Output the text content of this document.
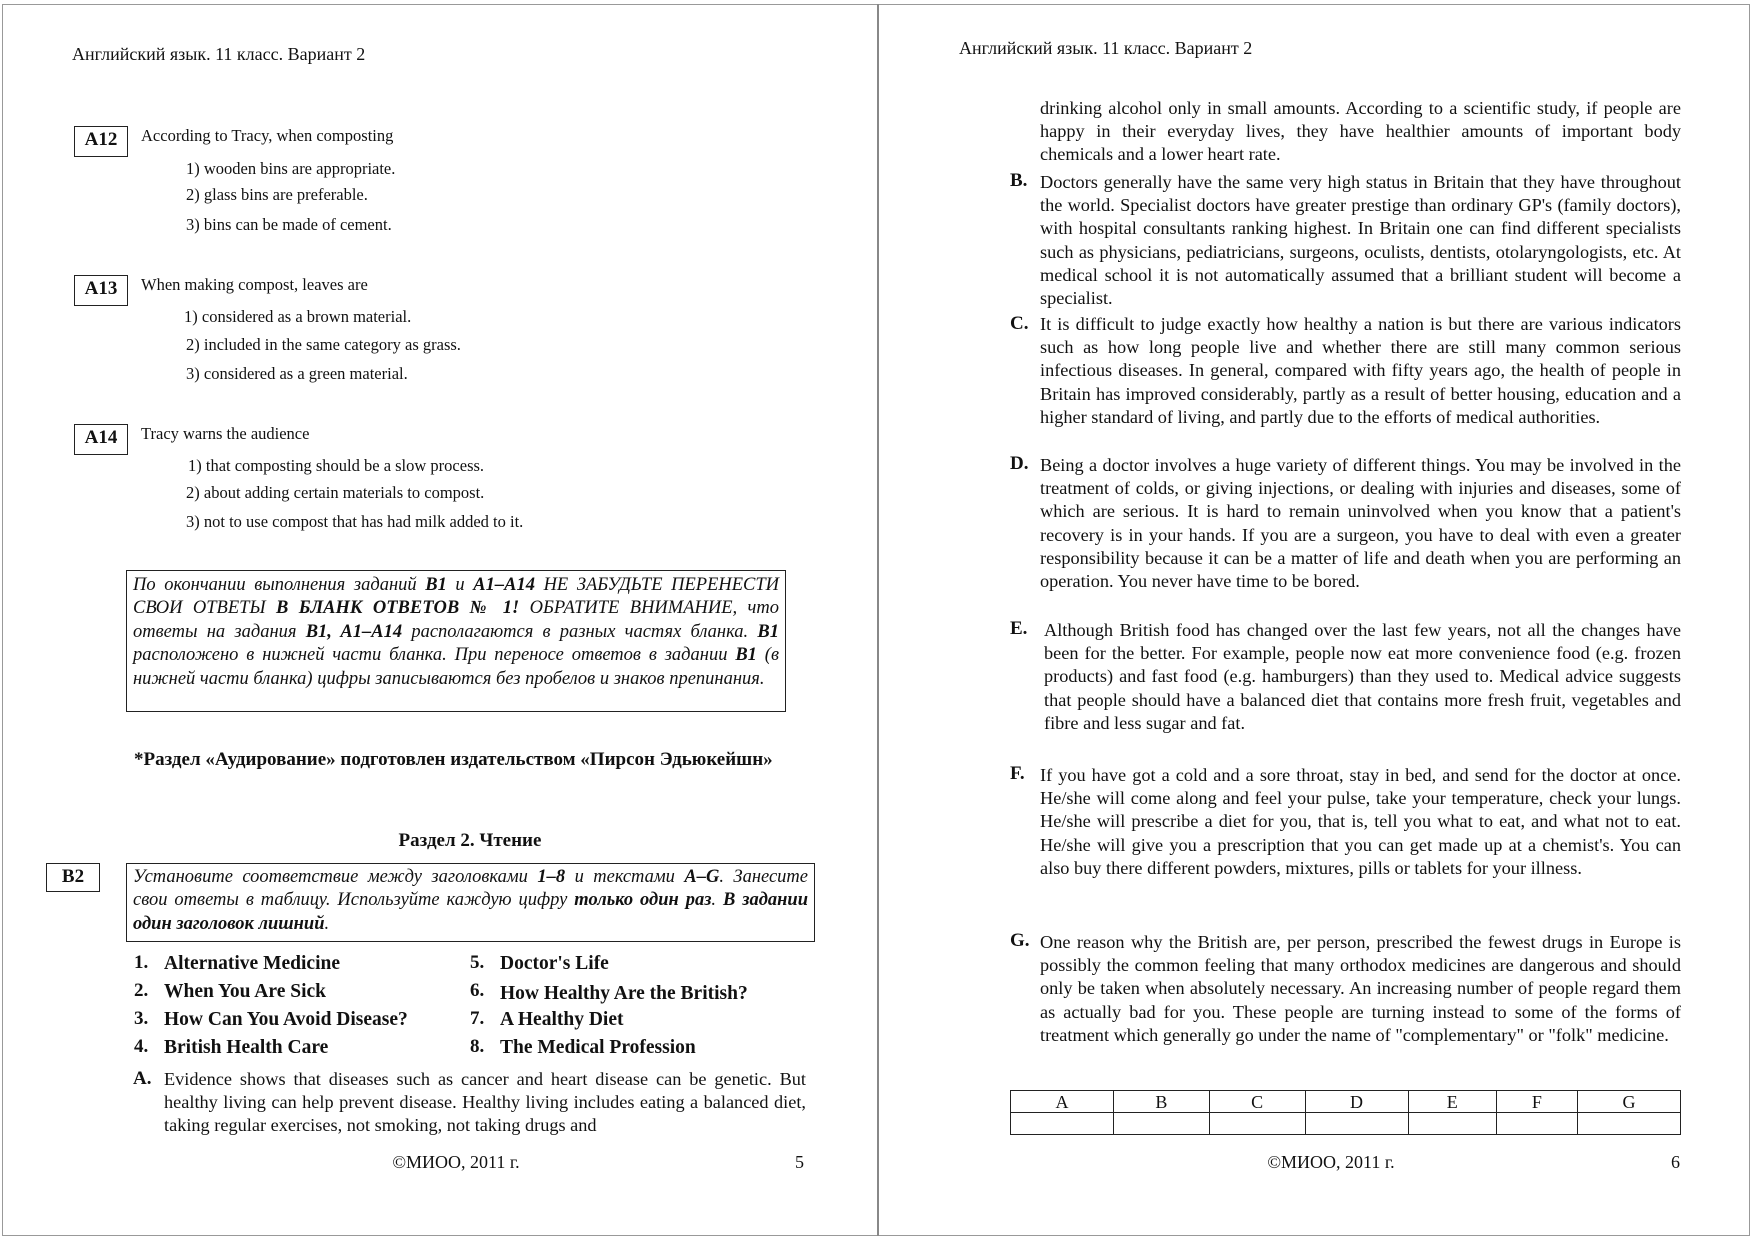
Английский язык. 11 класс. Вариант 2
A12	According to Tracy, when composting
1) wooden bins are appropriate.
2) glass bins are preferable.
3) bins can be made of cement.
A13	When making compost, leaves are
1) considered as a brown material.
2) included in the same category as grass.
3) considered as a green material.
A14	Tracy warns the audience
1) that composting should be a slow process.
2) about adding certain materials to compost.
3) not to use compost that has had milk added to it.
По окончании выполнения заданий B1 и A1–A14 НЕ ЗАБУДЬТЕ ПЕРЕНЕСТИ СВОИ ОТВЕТЫ В БЛАНК ОТВЕТОВ № 1! ОБРАТИТЕ ВНИМАНИЕ, что ответы на задания B1, A1–A14 располагаются в разных частях бланка. B1 расположено в нижней части бланка. При переносе ответов в задании B1 (в нижней части бланка) цифры записываются без пробелов и знаков препинания.
*Раздел «Аудирование» подготовлен издательством «Пирсон Эдьюкейшн»
Раздел 2. Чтение
B2	Установите соответствие между заголовками 1–8 и текстами A–G. Занесите свои ответы в таблицу. Используйте каждую цифру только один раз. В задании один заголовок лишний.
1. Alternative Medicine
2. When You Are Sick
3. How Can You Avoid Disease?
4. British Health Care
5. Doctor's Life
6. How Healthy Are the British?
7. A Healthy Diet
8. The Medical Profession
A. Evidence shows that diseases such as cancer and heart disease can be genetic. But healthy living can help prevent disease. Healthy living includes eating a balanced diet, taking regular exercises, not smoking, not taking drugs and
©МИОО, 2011 г.	5
Английский язык. 11 класс. Вариант 2
drinking alcohol only in small amounts. According to a scientific study, if people are happy in their everyday lives, they have healthier amounts of important body chemicals and a lower heart rate.
B. Doctors generally have the same very high status in Britain that they have throughout the world. Specialist doctors have greater prestige than ordinary GP's (family doctors), with hospital consultants ranking highest. In Britain one can find different specialists such as physicians, pediatricians, surgeons, oculists, dentists, otolaryngologists, etc. At medical school it is not automatically assumed that a brilliant student will become a specialist.
C. It is difficult to judge exactly how healthy a nation is but there are various indicators such as how long people live and whether there are still many common serious infectious diseases. In general, compared with fifty years ago, the health of people in Britain has improved considerably, partly as a result of better housing, education and a higher standard of living, and partly due to the efforts of medical authorities.
D. Being a doctor involves a huge variety of different things. You may be involved in the treatment of colds, or giving injections, or dealing with injuries and diseases, some of which are serious. It is hard to remain uninvolved when you know that a patient's recovery is in your hands. If you are a surgeon, you have to deal with even a greater responsibility because it can be a matter of life and death when you are performing an operation. You never have time to be bored.
E. Although British food has changed over the last few years, not all the changes have been for the better. For example, people now eat more convenience food (e.g. frozen products) and fast food (e.g. hamburgers) than they used to. Medical advice suggests that people should have a balanced diet that contains more fresh fruit, vegetables and fibre and less sugar and fat.
F. If you have got a cold and a sore throat, stay in bed, and send for the doctor at once. He/she will come along and feel your pulse, take your temperature, check your lungs. He/she will prescribe a diet for you, that is, tell you what to eat, and what not to eat. He/she will give you a prescription that you can get made up at a chemist's. You can also buy there different powders, mixtures, pills or tablets for your illness.
G. One reason why the British are, per person, prescribed the fewest drugs in Europe is possibly the common feeling that many orthodox medicines are dangerous and should only be taken when absolutely necessary. An increasing number of people regard them as actually bad for you. These people are turning instead to some of the forms of treatment which generally go under the name of "complementary" or "folk" medicine.
A	B	C	D	E	F	G

©МИОО, 2011 г.	6
